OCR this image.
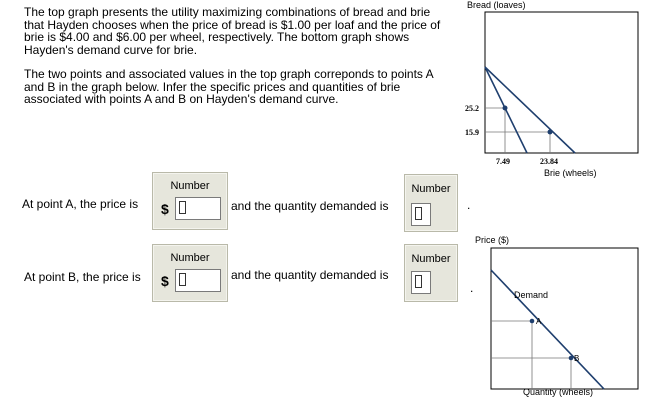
The top graph presents the utility maximizing combinations of bread and brie that Hayden chooses when the price of bread is $1.00 per loaf and the price of brie is $4.00 and $6.00 per wheel, respectively. The bottom graph shows Hayden's demand curve for brie.

The two points and associated values in the top graph correponds to points A and B in the graph below. Infer the specific prices and quantities of brie associated with points A and B on Hayden's demand curve.

At point A, the price is
Number
$	and the quantity demanded is
Number
.
At point B, the price is
Number
$	and the quantity demanded is
Number
.
Bread (loaves)
25.2
15.9
7.49	23.84
Brie (wheels)
Price ($)
Demand
A
B
Quantity (wheels)
